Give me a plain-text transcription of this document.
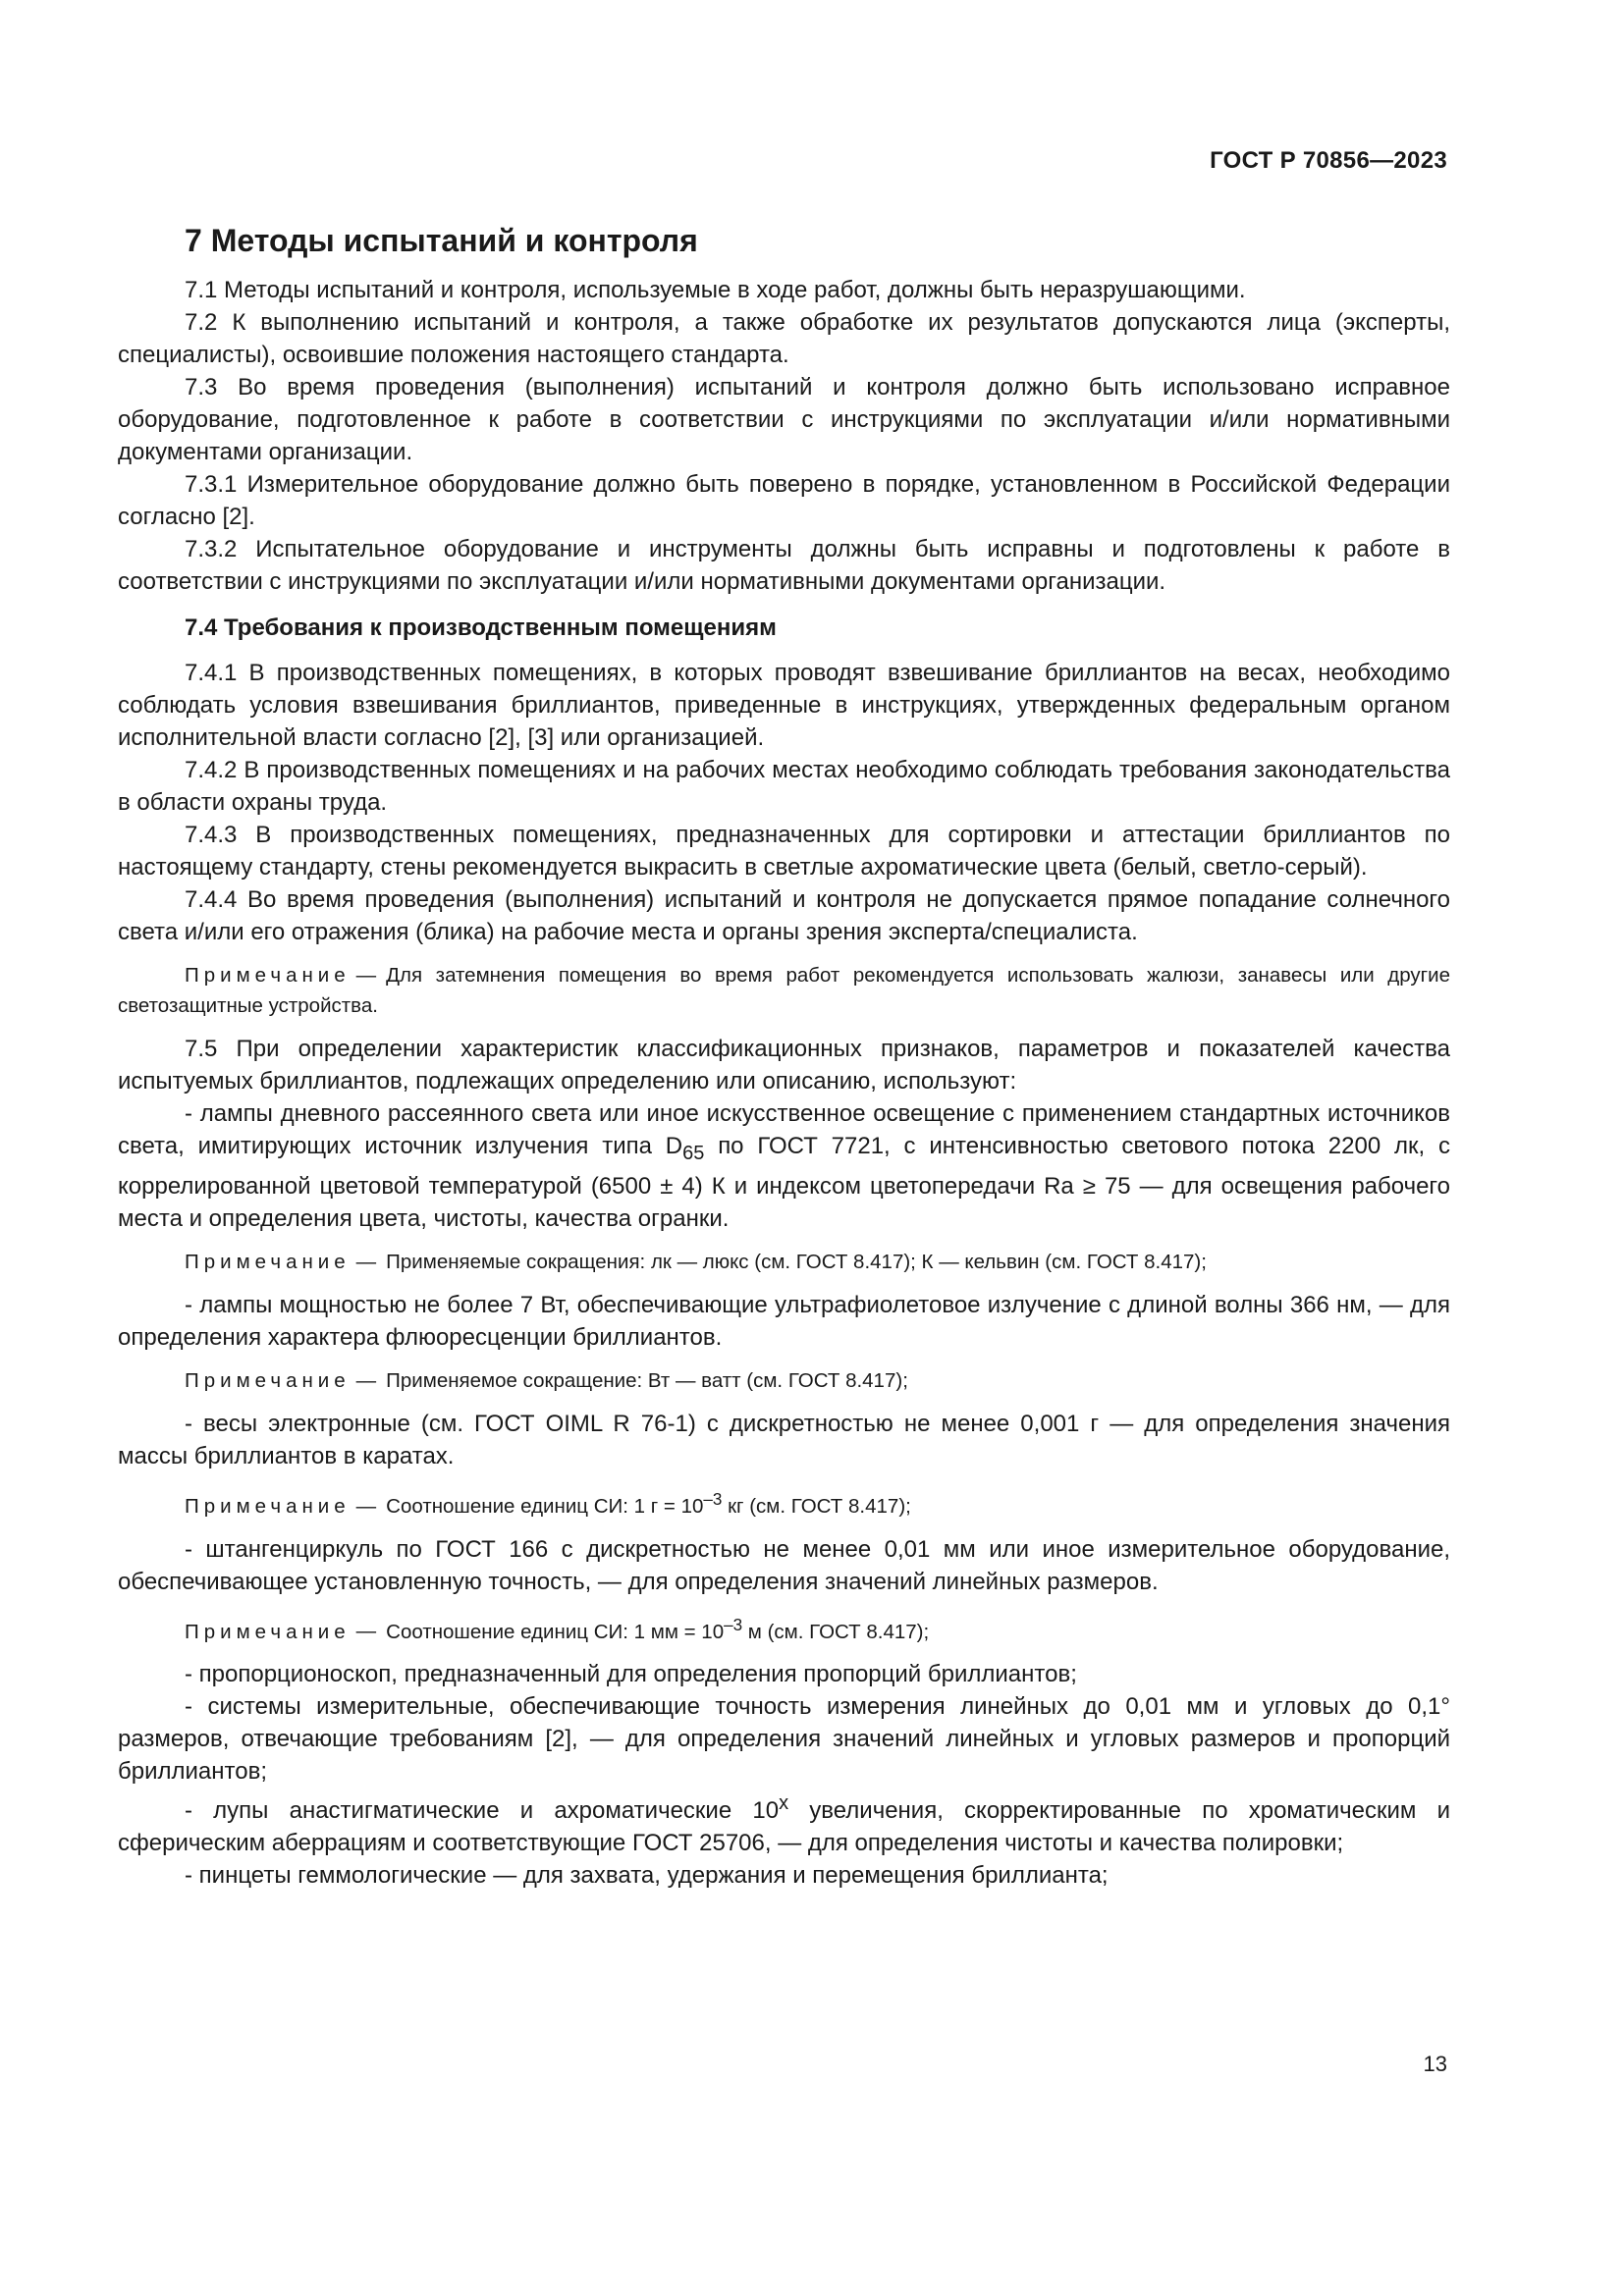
ГОСТ Р 70856—2023
7 Методы испытаний и контроля

7.1 Методы испытаний и контроля, используемые в ходе работ, должны быть неразрушающими.

7.2 К выполнению испытаний и контроля, а также обработке их результатов допускаются лица (эксперты, специалисты), освоившие положения настоящего стандарта.

7.3 Во время проведения (выполнения) испытаний и контроля должно быть использовано исправное оборудование, подготовленное к работе в соответствии с инструкциями по эксплуатации и/или нормативными документами организации.

7.3.1 Измерительное оборудование должно быть поверено в порядке, установленном в Российской Федерации согласно [2].

7.3.2 Испытательное оборудование и инструменты должны быть исправны и подготовлены к работе в соответствии с инструкциями по эксплуатации и/или нормативными документами организации.

7.4 Требования к производственным помещениям

7.4.1 В производственных помещениях, в которых проводят взвешивание бриллиантов на весах, необходимо соблюдать условия взвешивания бриллиантов, приведенные в инструкциях, утвержденных федеральным органом исполнительной власти согласно [2], [3] или организацией.

7.4.2 В производственных помещениях и на рабочих местах необходимо соблюдать требования законодательства в области охраны труда.

7.4.3 В производственных помещениях, предназначенных для сортировки и аттестации бриллиантов по настоящему стандарту, стены рекомендуется выкрасить в светлые ахроматические цвета (белый, светло-серый).

7.4.4 Во время проведения (выполнения) испытаний и контроля не допускается прямое попадание солнечного света и/или его отражения (блика) на рабочие места и органы зрения эксперта/специалиста.

Примечание — Для затемнения помещения во время работ рекомендуется использовать жалюзи, занавесы или другие светозащитные устройства.

7.5 При определении характеристик классификационных признаков, параметров и показателей качества испытуемых бриллиантов, подлежащих определению или описанию, используют:

- лампы дневного рассеянного света или иное искусственное освещение с применением стандартных источников света, имитирующих источник излучения типа $D_{65}$ по ГОСТ 7721, с интенсивностью светового потока 2200 лк, с коррелированной цветовой температурой (6500 ± 4) К и индексом цветопередачи Ra ≥ 75 — для освещения рабочего места и определения цвета, чистоты, качества огранки.

Примечание — Применяемые сокращения: лк — люкс (см. ГОСТ 8.417); К — кельвин (см. ГОСТ 8.417);

- лампы мощностью не более 7 Вт, обеспечивающие ультрафиолетовое излучение с длиной волны 366 нм, — для определения характера флюоресценции бриллиантов.

Примечание — Применяемое сокращение: Вт — ватт (см. ГОСТ 8.417);

- весы электронные (см. ГОСТ OIML R 76-1) с дискретностью не менее 0,001 г — для определения значения массы бриллиантов в каратах.

Примечание — Соотношение единиц СИ: 1 $г = 10^{-3}$ кг (см. ГОСТ 8.417);

- штангенциркуль по ГОСТ 166 с дискретностью не менее 0,01 мм или иное измерительное оборудование, обеспечивающее установленную точность, — для определения значений линейных размеров.

Примечание — Соотношение единиц СИ: 1 мм = $10^{-3}$ м (см. ГОСТ 8.417);

- пропорционоскоп, предназначенный для определения пропорций бриллиантов;

- системы измерительные, обеспечивающие точность измерения линейных до 0,01 мм и угловых до 0,1° размеров, отвечающие требованиям [2], — для определения значений линейных и угловых размеров и пропорций бриллиантов;

- лупы анастигматические и ахроматические $10^х$ увеличения, скорректированные по хроматическим и сферическим аберрациям и соответствующие ГОСТ 25706, — для определения чистоты и качества полировки;

- пинцеты геммологические — для захвата, удержания и перемещения бриллианта;

13
